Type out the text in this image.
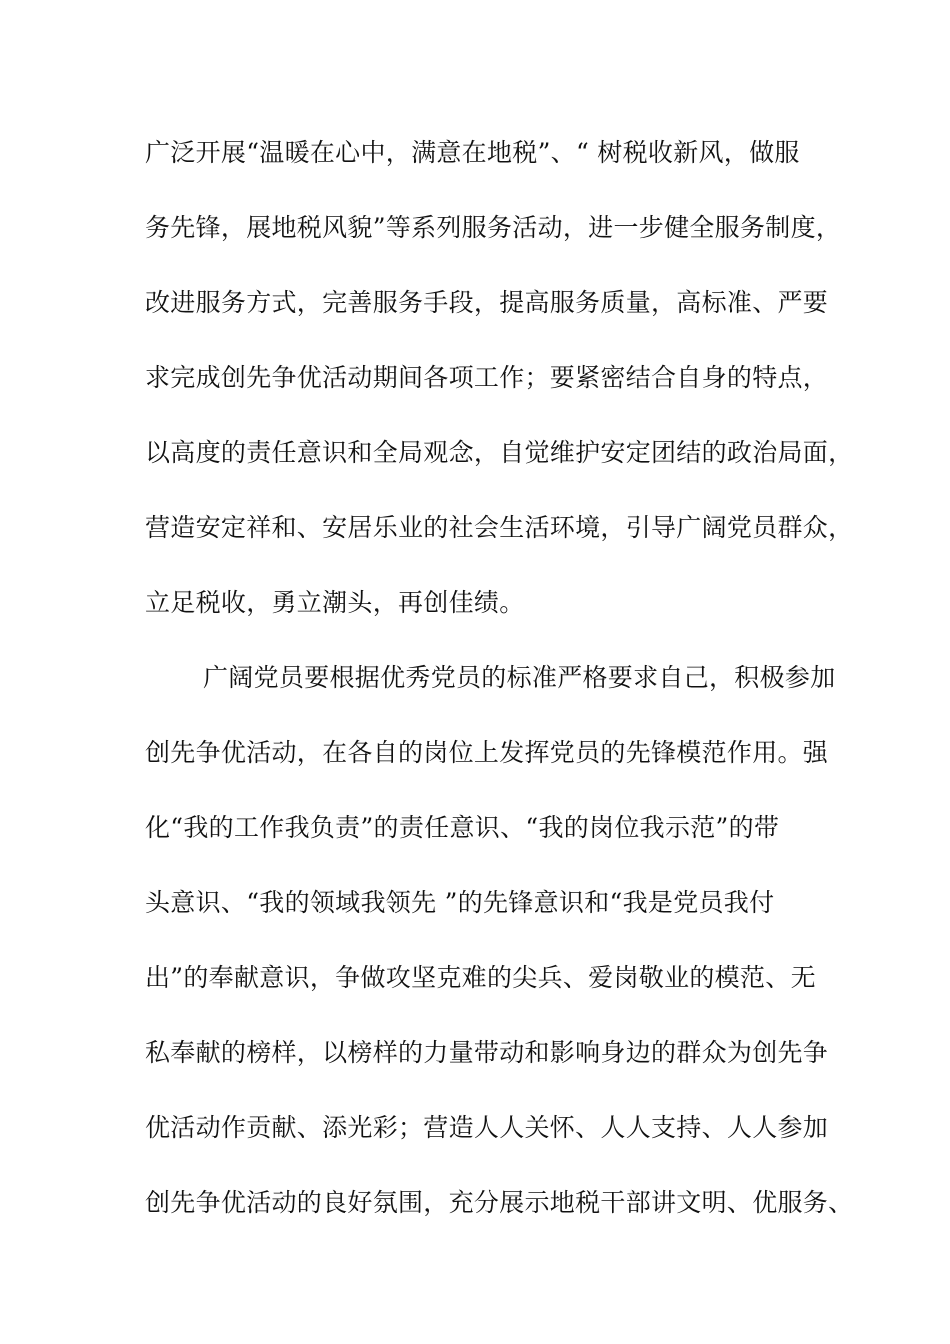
广泛开展“温暖在心中，满意在地税”、“ 树税收新风，做服
务先锋，展地税风貌”等系列服务活动，进一步健全服务制度，
改进服务方式，完善服务手段，提高服务质量，高标准、严要
求完成创先争优活动期间各项工作；要紧密结合自身的特点，
以高度的责任意识和全局观念，自觉维护安定团结的政治局面，
营造安定祥和、安居乐业的社会生活环境，引导广阔党员群众，
立足税收，勇立潮头，再创佳绩。
广阔党员要根据优秀党员的标准严格要求自己，积极参加
创先争优活动，在各自的岗位上发挥党员的先锋模范作用。强
化“我的工作我负责”的责任意识、“我的岗位我示范”的带
头意识、“我的领域我领先 ”的先锋意识和“我是党员我付
出”的奉献意识，争做攻坚克难的尖兵、爱岗敬业的模范、无
私奉献的榜样，以榜样的力量带动和影响身边的群众为创先争
优活动作贡献、添光彩；营造人人关怀、人人支持、人人参加
创先争优活动的良好氛围，充分展示地税干部讲文明、优服务、
